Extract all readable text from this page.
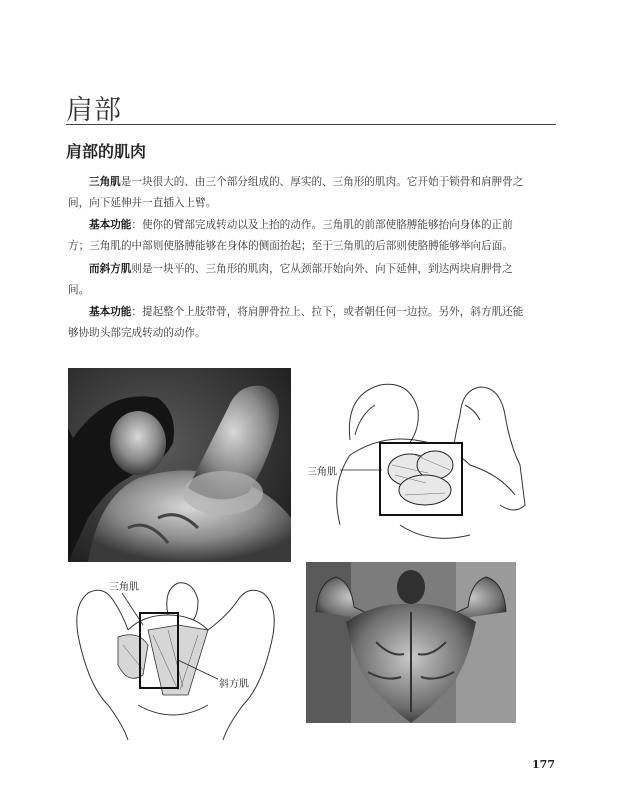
肩部
肩部的肌肉

三角肌是一块很大的、由三个部分组成的、厚实的、三角形的肌肉。它开始于锁骨和肩胛骨之间，向下延伸并一直插入上臂。

基本功能：使你的臂部完成转动以及上抬的动作。三角肌的前部使胳膊能够抬向身体的正前方；三角肌的中部则使胳膊能够在身体的侧面抬起；至于三角肌的后部则使胳膊能够举向后面。

而斜方肌则是一块平的、三角形的肌肉，它从颈部开始向外、向下延伸，到达两块肩胛骨之间。

基本功能：提起整个上肢带骨，将肩胛骨拉上、拉下，或者朝任何一边拉。另外，斜方肌还能够协助头部完成转动的动作。

三角肌
三角肌
斜方肌
177
